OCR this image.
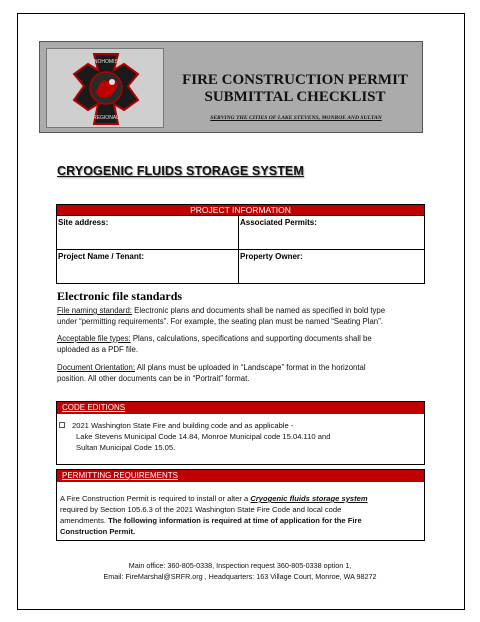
SNOHOMISH
REGIONAL
FIRE CONSTRUCTION PERMIT
SUBMITTAL CHECKLIST
SERVING THE CITIES OF LAKE STEVENS, MONROE AND SULTAN
CRYOGENIC FLUIDS STORAGE SYSTEM
PROJECT INFORMATION
Site address:	Associated Permits:
Project Name / Tenant:	Property Owner:
Electronic file standards
File naming standard: Electronic plans and documents shall be named as specified in bold type
under “permitting requirements”. For example, the seating plan must be named “Seating Plan”.
Acceptable file types: Plans, calculations, specifications and supporting documents shall be
uploaded as a PDF file.
Document Orientation: All plans must be uploaded in “Landscape” format in the horizontal
position. All other documents can be in “Portrait” format.
CODE EDITIONS
2021 Washington State Fire and building code and as applicable -
Lake Stevens Municipal Code 14.84, Monroe Municipal code 15.04.110 and
Sultan Municipal Code 15.05.
PERMITTING REQUIREMENTS
A Fire Construction Permit is required to install or alter a Cryogenic fluids storage system
required by Section 105.6.3 of the 2021 Washington State Fire Code and local code
amendments. The following information is required at time of application for the Fire
Construction Permit.
Main office: 360-805-0338, Inspection request 360-805-0338 option 1,
Email: FireMarshal@SRFR.org , Headquarters: 163 Village Court, Monroe, WA 98272
